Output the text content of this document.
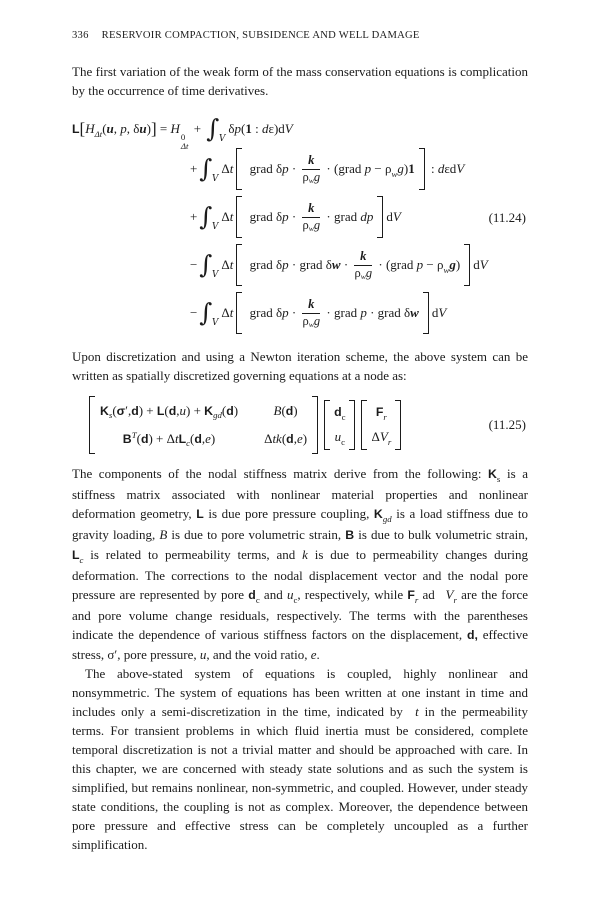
336 RESERVOIR COMPACTION, SUBSIDENCE AND WELL DAMAGE

The first variation of the weak form of the mass conservation equations is complication by the occurrence of time derivatives.

$L[H_{\Delta t}(u$, p, δu)] = H
0
Δt
+ ∫ V
δp(1 : dε)dV
+∫ V
Δt grad $\delta p \cdot \frac{k}{\rho_wg}$ · (grad $p - \rho_wg)1$ : dεdV
+∫ V
Δt grad $\delta p \cdot \frac{k}{\rho_wg}$ · grad dp dV
−∫ V
Δt grad δp · grad $\delta w \cdot \frac{k}{\rho_wg}$ · (grad $p - \rho_wg$) dV
−∫ V
Δt grad $\delta p \cdot \frac{k}{\rho_wg}$ · grad p · grad δw dV
(11.24)

Upon discretization and using a Newton iteration scheme, the above system can be written as spatially discretized governing equations at a node as:

$K_s(\sigma',d) + L(d,u) + K_{gd}(d)$	B(d)
$B^T(d) + \Delta tL_c(d,e)$	Δtk(d,e)
$d_c$
$u_c$
$F_r$
$\Delta V_r$
(11.25)

The components of the nodal stiffness matrix derive from the following: $K_s$ is a stiffness matrix associated with nonlinear material properties and nonlinear deformation geometry, L is due pore pressure coupling, $K_{gd}$ is a load stiffness due to gravity loading, B is due to pore volumetric strain, B is due to bulk volumetric strain, $L_c$ is related to permeability terms, and k is due to permeability changes during deformation. The corrections to the nodal displacement vector and the nodal pore pressure are represented by pore $d_c$ and $u_c$, respectively, while $F_r$ ad  $V_r$ are the force and pore volume change residuals, respectively. The terms with the parentheses indicate the dependence of various stiffness factors on the displacement, d, effective stress, σ′, pore pressure, u, and the void ratio, e.

The above-stated system of equations is coupled, highly nonlinear and nonsymmetric. The system of equations has been written at one instant in time and includes only a semi-discretization in the time, indicated by  t in the permeability terms. For transient problems in which fluid inertia must be considered, complete temporal discretization is not a trivial matter and should be approached with care. In this chapter, we are concerned with steady state solutions and as such the system is simplified, but remains nonlinear, non-symmetric, and coupled. However, under steady state conditions, the coupling is not as complex. Moreover, the dependence between pore pressure and effective stress can be completely uncoupled as a further simplification.
